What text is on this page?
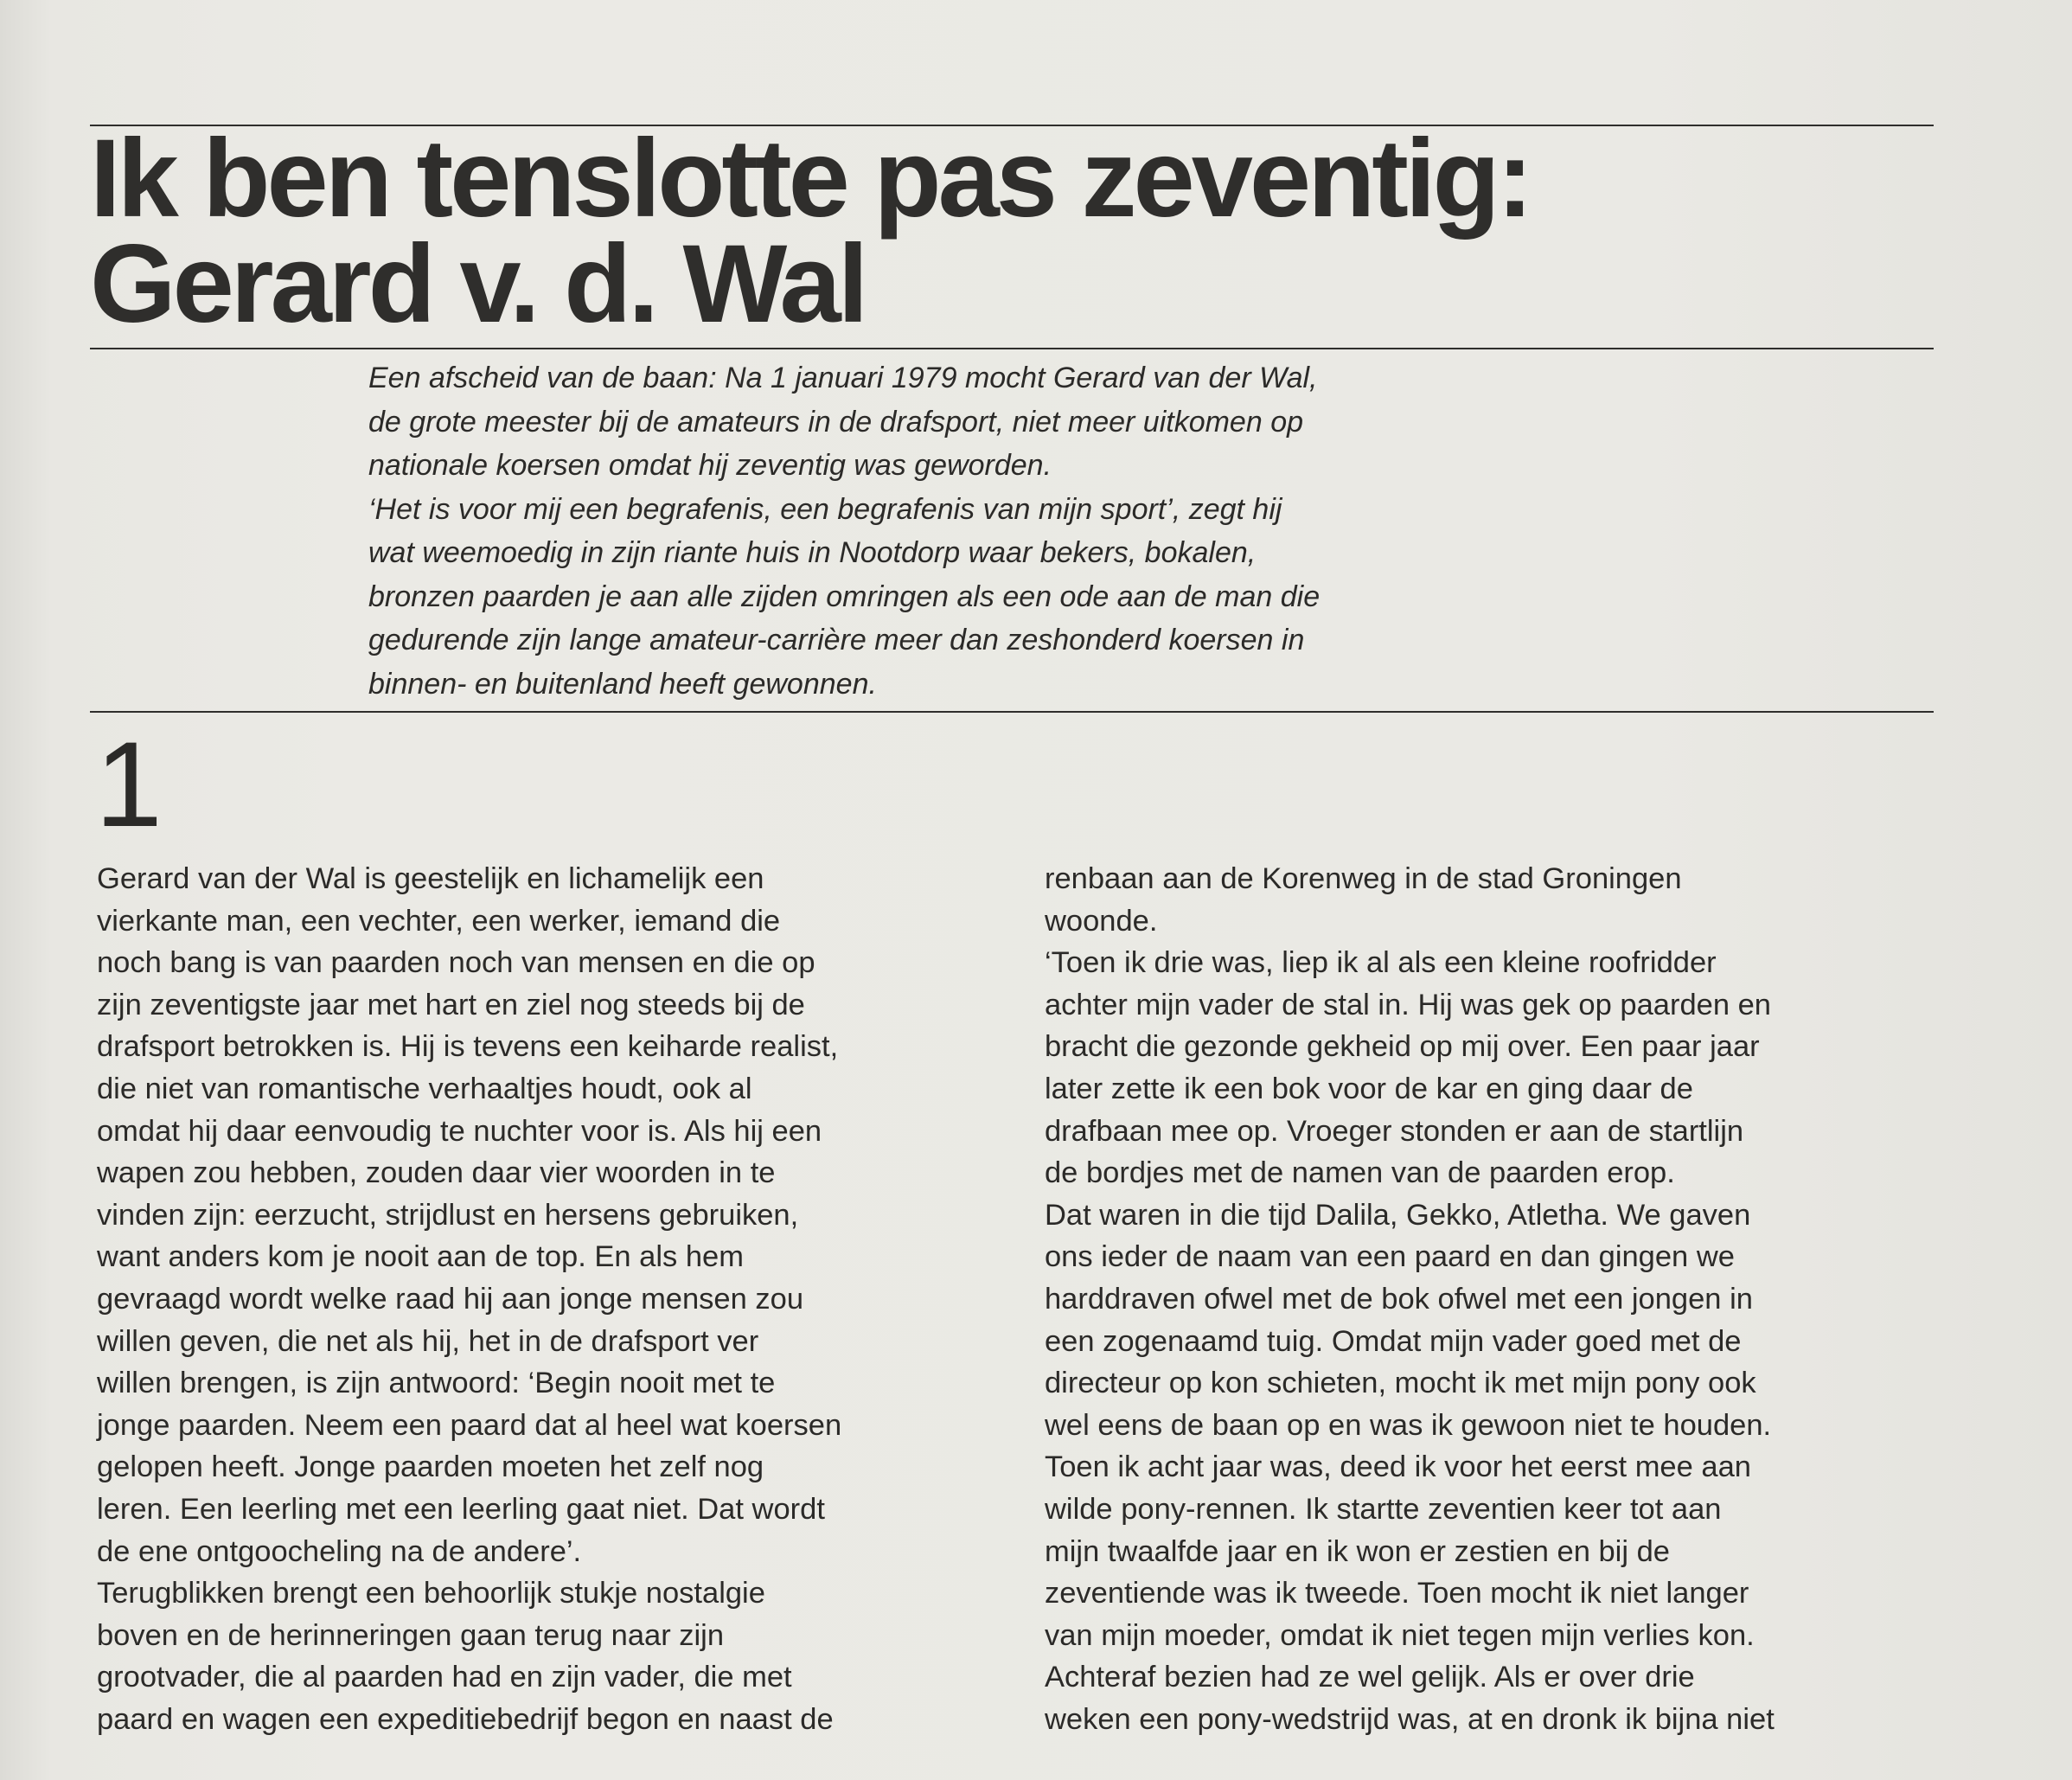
Ik ben tenslotte pas zeventig:
Gerard v. d. Wal
Een afscheid van de baan: Na 1 januari 1979 mocht Gerard van der Wal,
de grote meester bij de amateurs in de drafsport, niet meer uitkomen op
nationale koersen omdat hij zeventig was geworden.
‘Het is voor mij een begrafenis, een begrafenis van mijn sport’, zegt hij
wat weemoedig in zijn riante huis in Nootdorp waar bekers, bokalen,
bronzen paarden je aan alle zijden omringen als een ode aan de man die
gedurende zijn lange amateur-carrière meer dan zeshonderd koersen in
binnen- en buitenland heeft gewonnen.
1
Gerard van der Wal is geestelijk en lichamelijk een
vierkante man, een vechter, een werker, iemand die
noch bang is van paarden noch van mensen en die op
zijn zeventigste jaar met hart en ziel nog steeds bij de
drafsport betrokken is. Hij is tevens een keiharde realist,
die niet van romantische verhaaltjes houdt, ook al
omdat hij daar eenvoudig te nuchter voor is. Als hij een
wapen zou hebben, zouden daar vier woorden in te
vinden zijn: eerzucht, strijdlust en hersens gebruiken,
want anders kom je nooit aan de top. En als hem
gevraagd wordt welke raad hij aan jonge mensen zou
willen geven, die net als hij, het in de drafsport ver
willen brengen, is zijn antwoord: ‘Begin nooit met te
jonge paarden. Neem een paard dat al heel wat koersen
gelopen heeft. Jonge paarden moeten het zelf nog
leren. Een leerling met een leerling gaat niet. Dat wordt
de ene ontgoocheling na de andere’.
Terugblikken brengt een behoorlijk stukje nostalgie
boven en de herinneringen gaan terug naar zijn
grootvader, die al paarden had en zijn vader, die met
paard en wagen een expeditiebedrijf begon en naast de
renbaan aan de Korenweg in de stad Groningen
woonde.
‘Toen ik drie was, liep ik al als een kleine roofridder
achter mijn vader de stal in. Hij was gek op paarden en
bracht die gezonde gekheid op mij over. Een paar jaar
later zette ik een bok voor de kar en ging daar de
drafbaan mee op. Vroeger stonden er aan de startlijn
de bordjes met de namen van de paarden erop.
Dat waren in die tijd Dalila, Gekko, Atletha. We gaven
ons ieder de naam van een paard en dan gingen we
harddraven ofwel met de bok ofwel met een jongen in
een zogenaamd tuig. Omdat mijn vader goed met de
directeur op kon schieten, mocht ik met mijn pony ook
wel eens de baan op en was ik gewoon niet te houden.
Toen ik acht jaar was, deed ik voor het eerst mee aan
wilde pony-rennen. Ik startte zeventien keer tot aan
mijn twaalfde jaar en ik won er zestien en bij de
zeventiende was ik tweede. Toen mocht ik niet langer
van mijn moeder, omdat ik niet tegen mijn verlies kon.
Achteraf bezien had ze wel gelijk. Als er over drie
weken een pony-wedstrijd was, at en dronk ik bijna niet
